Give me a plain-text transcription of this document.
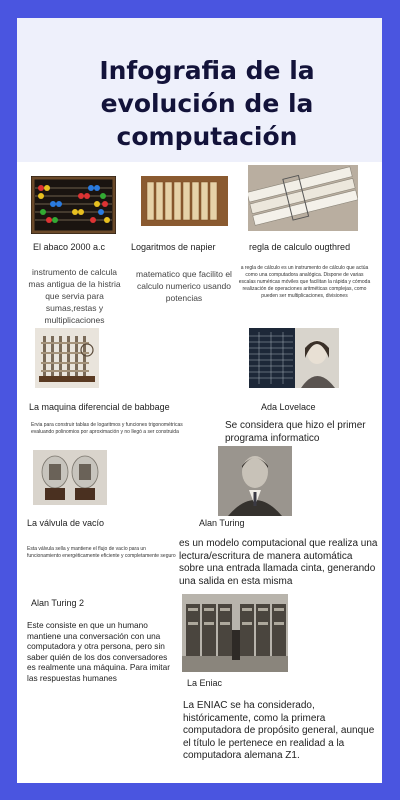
Infografia de la evolución de la computación

El abaco 2000 a.c

instrumento de calcula mas antigua de la histria que servia para sumas,restas y multiplicaciones

Logaritmos de napier

matematico que facilito el calculo numerico usando potencias

regla de calculo ougthred

a regla de cálculo es un instrumento de cálculo que actúa como una computadora analógica. Dispone de varias escalas numéricas móviles que facilitan la rápida y cómoda realización de operaciones aritméticas complejas, como pueden ser multiplicaciones, divisiones

La maquina diferencial de babbage

Ervia para construir tablas de logaritmos y funciones trigonométricas evaluando polinomios por aproximación y no llegó a ser construida

Ada Lovelace

Se considera que hizo el primer programa informatico

La válvula de vacío

Esta válvula sella y mantiene el flujo de vacío para un funcionamiento energéticamente eficiente y completamente seguro

Alan Turing

es un modelo computacional que realiza una lectura/escritura de manera automática sobre una entrada llamada cinta, generando una salida en esta misma

Alan Turing 2

Este consiste en que un humano mantiene una conversación con una computadora y otra persona, pero sin saber quién de los dos conversadores es realmente una máquina. Para imitar las respuestas humanes

La Eniac

La ENIAC se ha considerado, históricamente, como la primera computadora de propósito general, aunque el título le pertenece en realidad a la computadora alemana Z1.
